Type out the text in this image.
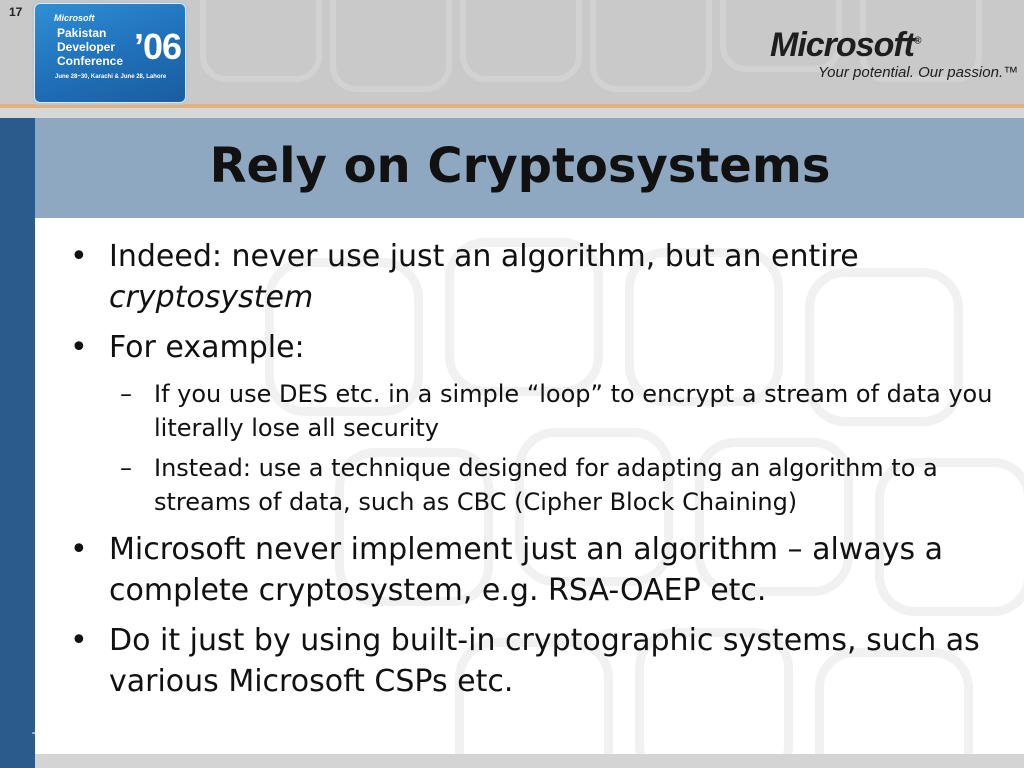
17	Microsoft
Pakistan
Developer
Conference ’06
June 28~30, Karachi & June 28, Lahore
Microsoft®
Your potential. Our passion.™
Rely on Cryptosystems
TWC/WSCM
• Indeed: never use just an algorithm, but an entire cryptosystem
• For example:
– If you use DES etc. in a simple “loop” to encrypt a stream of data you literally lose all security
– Instead: use a technique designed for adapting an algorithm to a streams of data, such as CBC (Cipher Block Chaining)
• Microsoft never implement just an algorithm – always a complete cryptosystem, e.g. RSA-OAEP etc.
• Do it just by using built-in cryptographic systems, such as various Microsoft CSPs etc.
